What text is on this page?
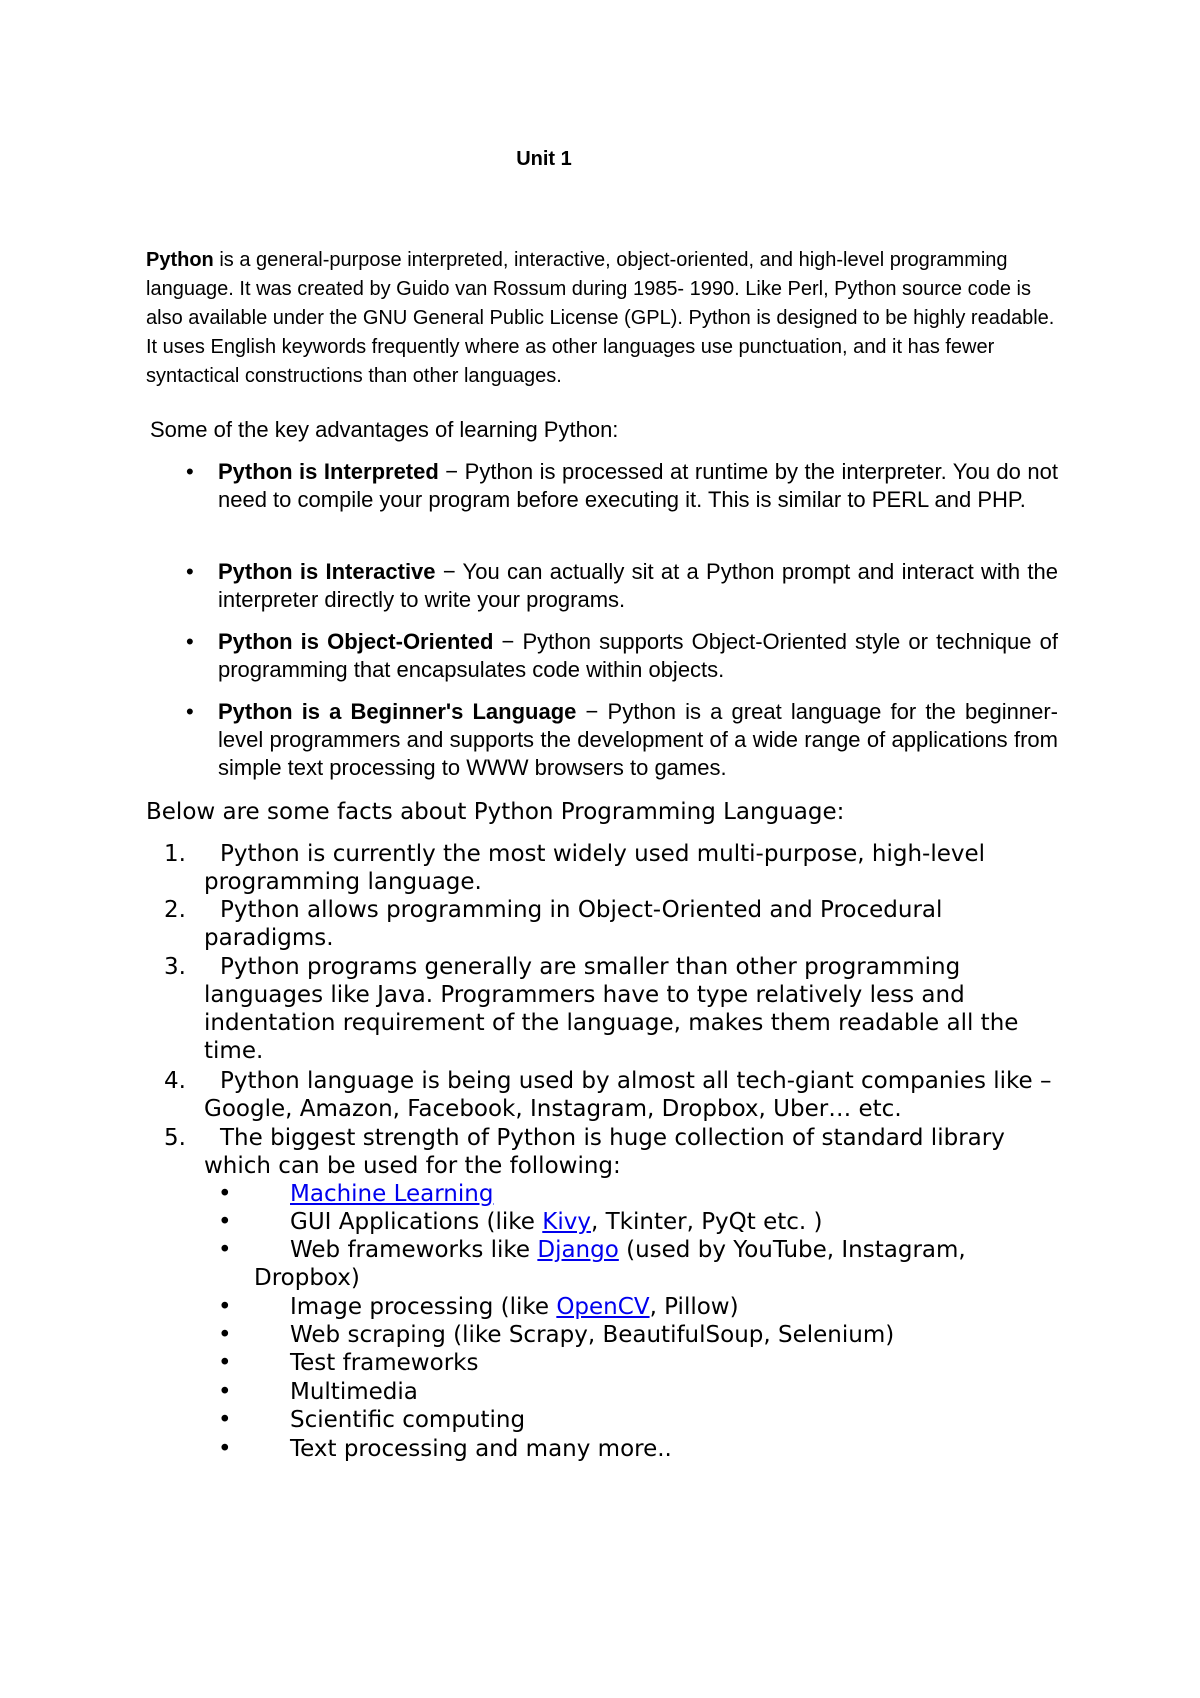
Unit 1
Python is a general-purpose interpreted, interactive, object-oriented, and high-level programming language. It was created by Guido van Rossum during 1985- 1990. Like Perl, Python source code is also available under the GNU General Public License (GPL). Python is designed to be highly readable. It uses English keywords frequently where as other languages use punctuation, and it has fewer syntactical constructions than other languages.
Some of the key advantages of learning Python:
•	Python is Interpreted − Python is processed at runtime by the interpreter. You do not need to compile your program before executing it. This is similar to PERL and PHP.
•	Python is Interactive − You can actually sit at a Python prompt and interact with the interpreter directly to write your programs.
•	Python is Object-Oriented − Python supports Object-Oriented style or technique of programming that encapsulates code within objects.
•	Python is a Beginner's Language − Python is a great language for the beginner-level programmers and supports the development of a wide range of applications from simple text processing to WWW browsers to games.
Below are some facts about Python Programming Language:
1.	Python is currently the most widely used multi-purpose, high-level programming language.
2.	Python allows programming in Object-Oriented and Procedural paradigms.
3.	Python programs generally are smaller than other programming languages like Java. Programmers have to type relatively less and indentation requirement of the language, makes them readable all the time.
4.	Python language is being used by almost all tech-giant companies like – Google, Amazon, Facebook, Instagram, Dropbox, Uber… etc.
5.	The biggest strength of Python is huge collection of standard library which can be used for the following:
•	Machine Learning
•	GUI Applications (like Kivy, Tkinter, PyQt etc. )
•	Web frameworks like Django (used by YouTube, Instagram, Dropbox)
•	Image processing (like OpenCV, Pillow)
•	Web scraping (like Scrapy, BeautifulSoup, Selenium)
•	Test frameworks
•	Multimedia
•	Scientific computing
•	Text processing and many more..
